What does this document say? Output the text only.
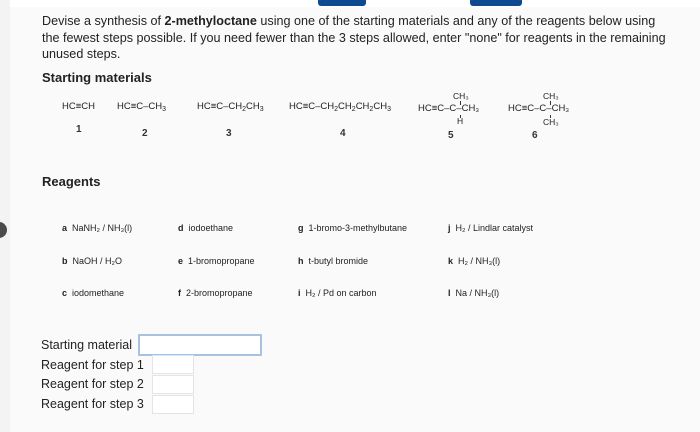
Devise a synthesis of 2-methyloctane using one of the starting materials and any of the reagents below using the fewest steps possible. If you need fewer than the 3 steps allowed, enter "none" for reagents in the remaining unused steps.
Starting materials
HC≡CH
1
$HC\equiv C-CH_3$
2
$HC\equiv C-CH_2CH_3$
3
$HC\equiv C-CH_2CH_2CH_2CH_3$
4
CH₃
HC≡C–C–CH₃
H
5
CH₃
HC≡C–C–CH₃
CH₃
6
Reagents
a NaNH₂ / NH₃(l)
b NaOH / H₂O
c iodomethane
d iodoethane
e 1-bromopropane
f 2-bromopropane
g 1-bromo-3-methylbutane
h t-butyl bromide
i H₂ / Pd on carbon
j H₂ / Lindlar catalyst
k H₂ / NH₃(l)
l Na / NH₃(l)
Starting material
Reagent for step 1
Reagent for step 2
Reagent for step 3
